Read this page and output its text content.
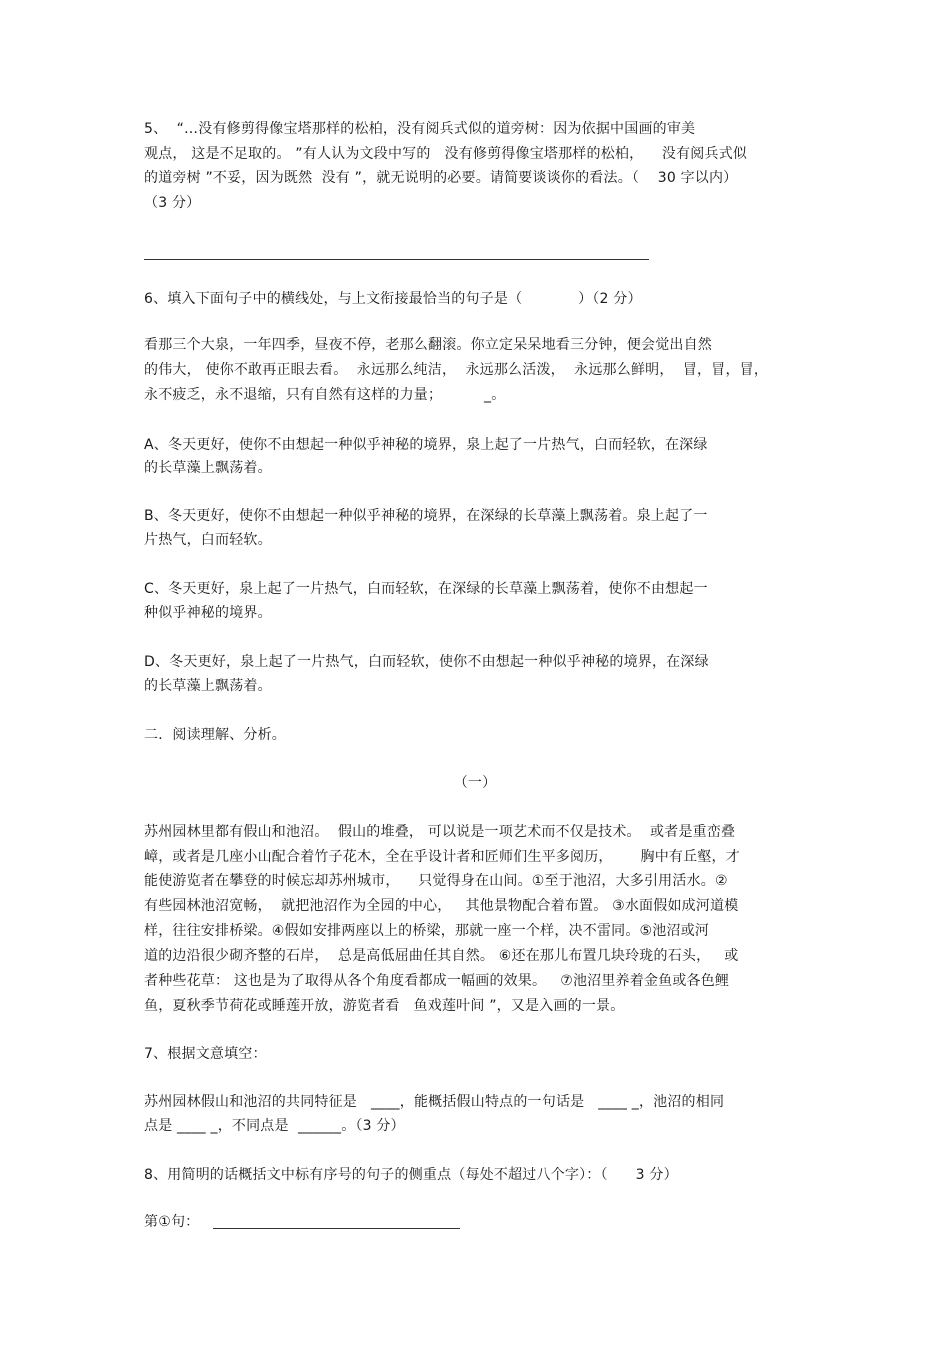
5、  “…没有修剪得像宝塔那样的松柏，没有阅兵式似的道旁树：因为依据中国画的审美
观点， 这是不足取的。 ”有人认为文段中写的   没有修剪得像宝塔那样的松柏，    没有阅兵式似
的道旁树 ”不妥，因为既然  没有 ”，就无说明的必要。请简要谈谈你的看法。（    30 字以内）
（3 分）
6、填入下面句子中的横线处，与上文衔接最恰当的句子是（            ）（2 分）
看那三个大泉，一年四季，昼夜不停，老那么翻滚。你立定呆呆地看三分钟，便会觉出自然
的伟大， 使你不敢再正眼去看。  永远那么纯洁，  永远那么活泼，  永远那么鲜明，  冒，冒，冒，
永不疲乏，永不退缩，只有自然有这样的力量；         _。
A、冬天更好，使你不由想起一种似乎神秘的境界，泉上起了一片热气，白而轻软，在深绿
的长草藻上飘荡着。
B、冬天更好，使你不由想起一种似乎神秘的境界，在深绿的长草藻上飘荡着。泉上起了一
片热气，白而轻软。
C、冬天更好，泉上起了一片热气，白而轻软，在深绿的长草藻上飘荡着，使你不由想起一
种似乎神秘的境界。
D、冬天更好，泉上起了一片热气，白而轻软，使你不由想起一种似乎神秘的境界，在深绿
的长草藻上飘荡着。
二．阅读理解、分析。
（一）
苏州园林里都有假山和池沼。  假山的堆叠， 可以说是一项艺术而不仅是技术。  或者是重峦叠
嶂，或者是几座小山配合着竹子花木，全在乎设计者和匠师们生平多阅历，      胸中有丘壑，才
能使游览者在攀登的时候忘却苏州城市，    只觉得身在山间。①至于池沼，大多引用活水。②
有些园林池沼宽畅，  就把池沼作为全园的中心，   其他景物配合着布置。 ③水面假如成河道模
样，往往安排桥梁。④假如安排两座以上的桥梁，那就一座一个样，决不雷同。⑤池沼或河
道的边沿很少砌齐整的石岸，  总是高低屈曲任其自然。 ⑥还在那儿布置几块玲珑的石头，   或
者种些花草： 这也是为了取得从各个角度看都成一幅画的效果。   ⑦池沼里养着金鱼或各色鲤
鱼，夏秋季节荷花或睡莲开放，游览者看   鱼戏莲叶间 ”，又是入画的一景。
7、根据文意填空：
苏州园林假山和池沼的共同特征是   ____，能概括假山特点的一句话是   ____ _，池沼的相同
点是 ____ _，不同点是  ______。（3 分）
8、用简明的话概括文中标有序号的句子的侧重点（每处不超过八个字）：（      3 分）
第①句：
